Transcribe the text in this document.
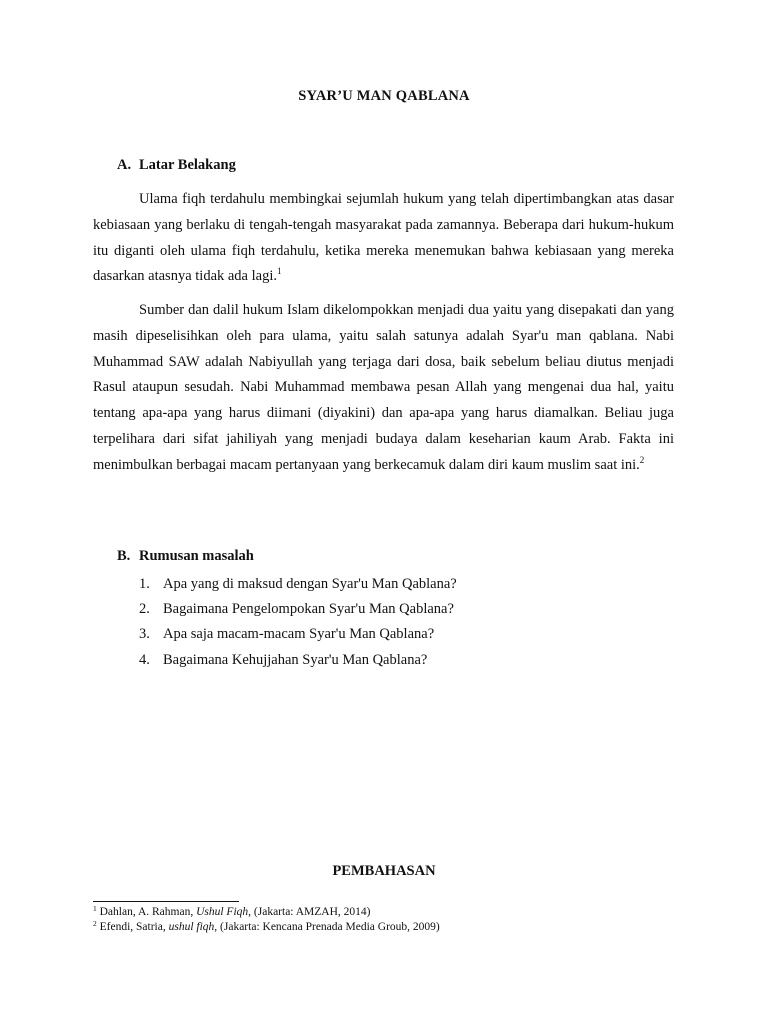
SYAR’U MAN QABLANA
A. Latar Belakang

Ulama fiqh terdahulu membingkai sejumlah hukum yang telah dipertimbangkan atas dasar kebiasaan yang berlaku di tengah-tengah masyarakat pada zamannya. Beberapa dari hukum-hukum itu diganti oleh ulama fiqh terdahulu, ketika mereka menemukan bahwa kebiasaan yang mereka dasarkan atasnya tidak ada lagi.$^1$

Sumber dan dalil hukum Islam dikelompokkan menjadi dua yaitu yang disepakati dan yang masih dipeselisihkan oleh para ulama, yaitu salah satunya adalah Syar'u man qablana. Nabi Muhammad SAW adalah Nabiyullah yang terjaga dari dosa, baik sebelum beliau diutus menjadi Rasul ataupun sesudah. Nabi Muhammad membawa pesan Allah yang mengenai dua hal, yaitu tentang apa-apa yang harus diimani (diyakini) dan apa-apa yang harus diamalkan. Beliau juga terpelihara dari sifat jahiliyah yang menjadi budaya dalam keseharian kaum Arab. Fakta ini menimbulkan berbagai macam pertanyaan yang berkecamuk dalam diri kaum muslim saat ini.$^2$

B. Rumusan masalah
1. Apa yang di maksud dengan Syar'u Man Qablana?
2. Bagaimana Pengelompokan Syar'u Man Qablana?
3. Apa saja macam-macam Syar'u Man Qablana?
4. Bagaimana Kehujjahan Syar'u Man Qablana?
PEMBAHASAN
$^1$ Dahlan, A. Rahman, Ushul Fiqh, (Jakarta: AMZAH, 2014)
$^2$ Efendi, Satria, ushul fiqh, (Jakarta: Kencana Prenada Media Groub, 2009)
